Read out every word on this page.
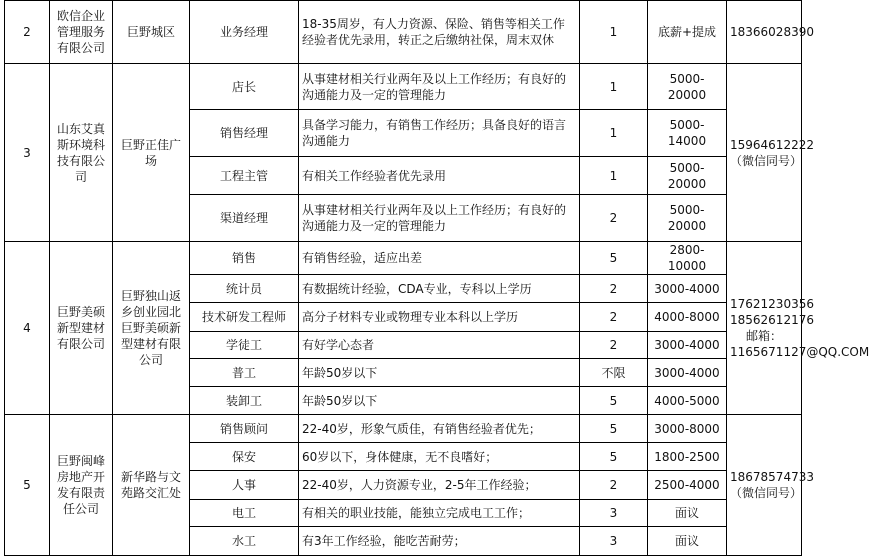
2	欧信企业管理服务有限公司	巨野城区	业务经理	18-35周岁，有人力资源、保险、销售等相关工作经验者优先录用，转正之后缴纳社保，周末双休	1	底薪+提成	18366028390
3	山东艾真斯环境科技有限公司	巨野正佳广场	店长	从事建材相关行业两年及以上工作经历；有良好的沟通能力及一定的管理能力	1	5000-20000	15964612222（微信同号）
			销售经理	具备学习能力，有销售工作经历；具备良好的语言沟通能力	1	5000-14000	
			工程主管	有相关工作经验者优先录用	1	5000-20000	
			渠道经理	从事建材相关行业两年及以上工作经历；有良好的沟通能力及一定的管理能力	2	5000-20000	
4	巨野美硕新型建材有限公司	巨野独山返乡创业园北巨野美硕新型建材有限公司	销售	有销售经验，适应出差	5	2800-10000	17621230356 18562612176 邮箱：1165671127@QQ.COM
			统计员	有数据统计经验，CDA专业，专科以上学历	2	3000-4000	
			技术研发工程师	高分子材料专业或物理专业本科以上学历	2	4000-8000	
			学徒工	有好学心态者	2	3000-4000	
			普工	年龄50岁以下	不限	3000-4000	
			装卸工	年龄50岁以下	5	4000-5000	
5	巨野闽峰房地产开发有限责任公司	新华路与文苑路交汇处	销售顾问	22-40岁，形象气质佳，有销售经验者优先；	5	3000-8000	18678574733（微信同号）
			保安	60岁以下，身体健康，无不良嗜好；	5	1800-2500	
			人事	22-40岁，人力资源专业，2-5年工作经验；	2	2500-4000	
			电工	有相关的职业技能，能独立完成电工工作；	3	面议	
			水工	有3年工作经验，能吃苦耐劳；	3	面议	
